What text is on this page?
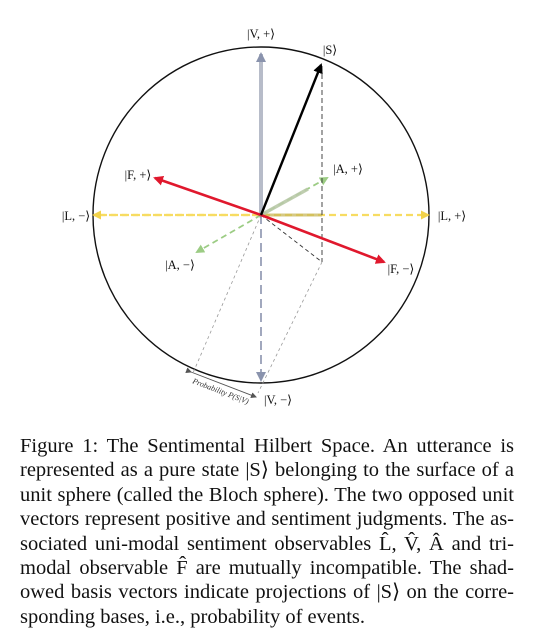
Probability P(S|V)
|V, +⟩
|V, −⟩
|S⟩
|F, +⟩
|F, −⟩
|A, +⟩
|A, −⟩
|L, +⟩
|L, −⟩
Figure 1: The Sentimental Hilbert Space. An utterance is
represented as a pure state |S⟩ belonging to the surface of a
unit sphere (called the Bloch sphere). The two opposed unit
vectors represent positive and sentiment judgments. The as-
sociated uni-modal sentiment observables L̂, V̂, Â and tri-
modal observable F̂ are mutually incompatible. The shad-
owed basis vectors indicate projections of |S⟩ on the corre-
sponding bases, i.e., probability of events.
